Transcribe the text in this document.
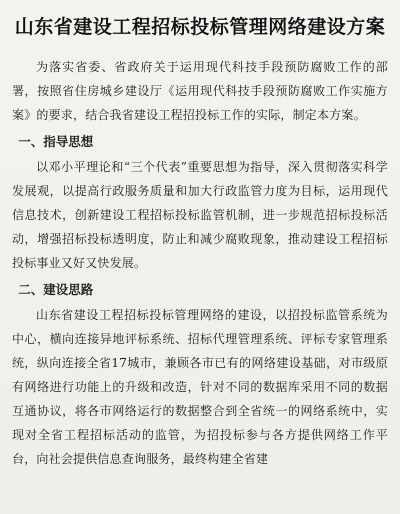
山东省建设工程招标投标管理网络建设方案

为落实省委、省政府关于运用现代科技手段预防腐败工作的部署，按照省住房城乡建设厅《运用现代科技手段预防腐败工作实施方案》的要求，结合我省建设工程招投标工作的实际，制定本方案。

一、指导思想

以邓小平理论和“三个代表”重要思想为指导，深入贯彻落实科学发展观，以提高行政服务质量和加大行政监管力度为目标，运用现代信息技术，创新建设工程招标投标监管机制，进一步规范招标投标活动，增强招标投标透明度，防止和减少腐败现象，推动建设工程招标投标事业又好又快发展。

二、建设思路

山东省建设工程招标投标管理网络的建设，以招投标监管系统为中心，横向连接异地评标系统、招标代理管理系统、评标专家管理系统，纵向连接全省17城市，兼顾各市已有的网络建设基础，对市级原有网络进行功能上的升级和改造，针对不同的数据库采用不同的数据互通协议，将各市网络运行的数据整合到全省统一的网络系统中，实现对全省工程招标活动的监管，为招投标参与各方提供网络工作平台，向社会提供信息查询服务，最终构建全省建
